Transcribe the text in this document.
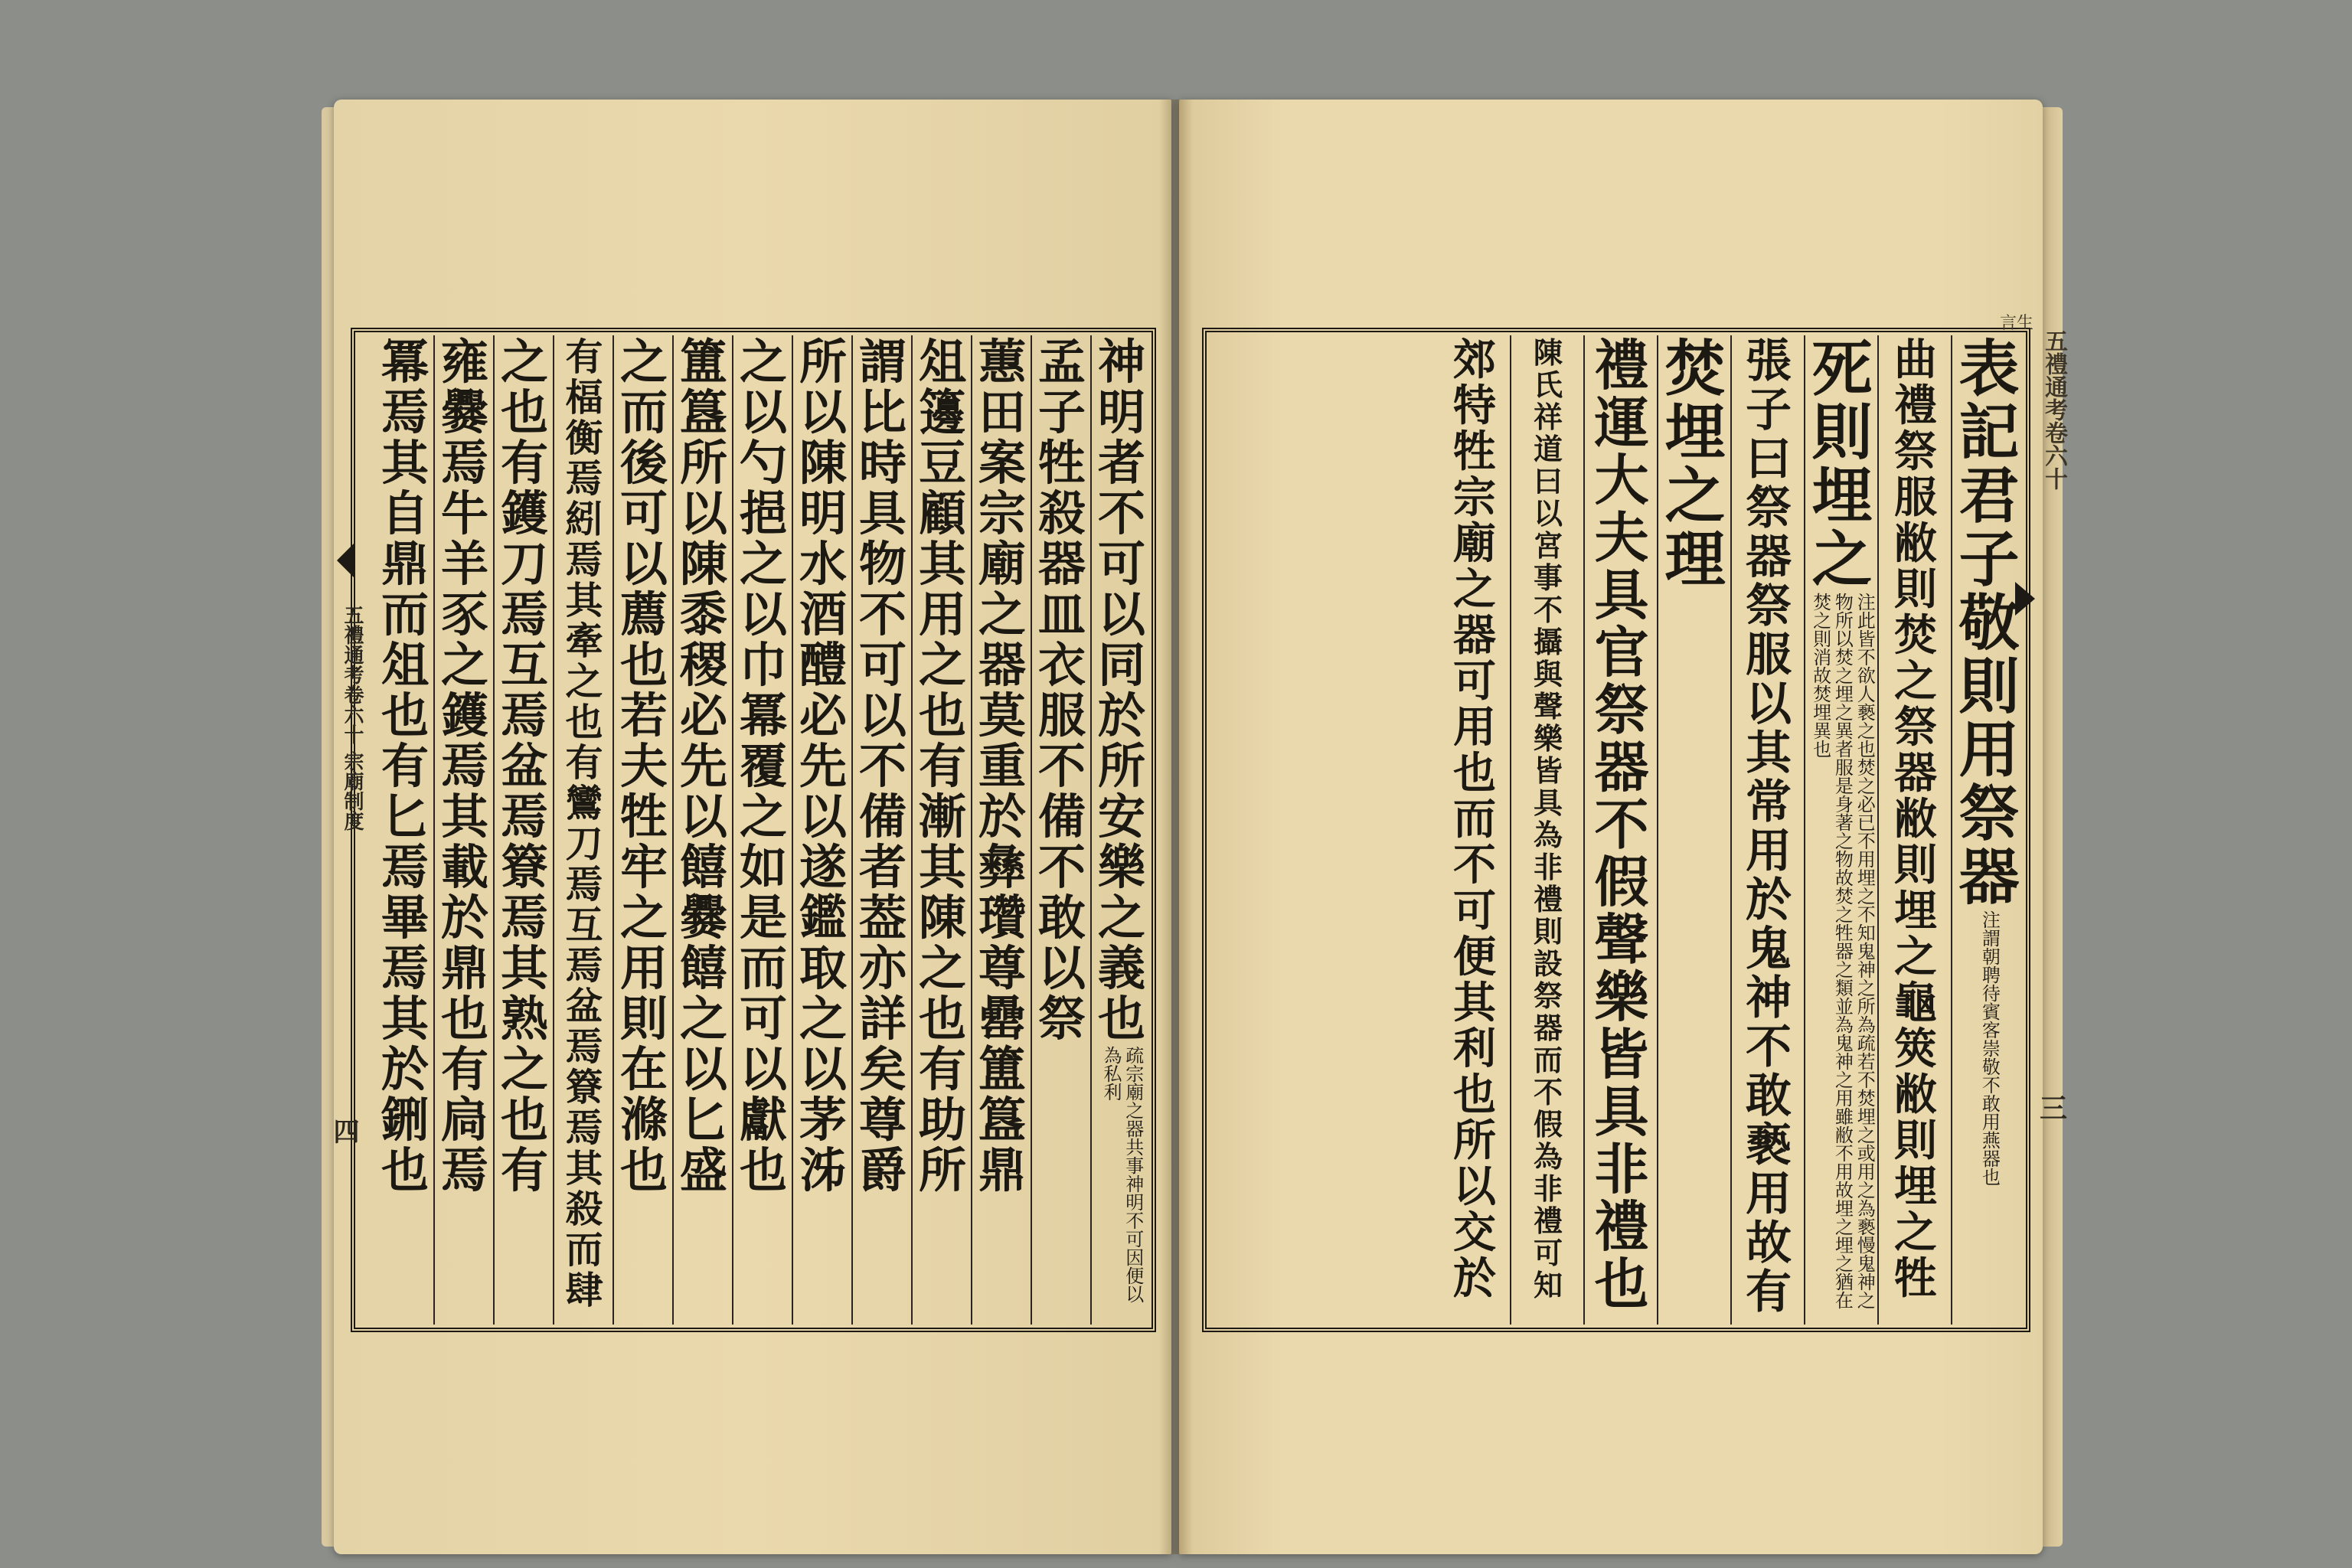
神
明
者
不
可
以
同
於
所
安
樂
之
義
也
疏宗廟之器共事神明不可因便以為私利
孟
子
牲
殺
器
皿
衣
服
不
備
不
敢
以
祭
蕙
田
案
宗
廟
之
器
莫
重
於
彝
瓚
尊
罍
簠
簋
鼎
俎
籩
豆
顧
其
用
之
也
有
漸
其
陳
之
也
有
助
所
謂
比
時
具
物
不
可
以
不
備
者
葢
亦
詳
矣
尊
爵
所
以
陳
明
水
酒
醴
必
先
以
遂
鑑
取
之
以
茅
泲
之
以
勺
挹
之
以
巾
冪
覆
之
如
是
而
可
以
獻
也
簠
簋
所
以
陳
黍
稷
必
先
以
饎
爨
饎
之
以
匕
盛
之
而
後
可
以
薦
也
若
夫
牲
牢
之
用
則
在
滌
也
有
楅
衡
焉
紖
焉
其
牽
之
也
有
鸞
刀
焉
互
焉
盆
焉
簝
焉
其
殺
而
肆
之
也
有
鑊
刀
焉
互
焉
盆
焉
簝
焉
其
熟
之
也
有
雍
爨
焉
牛
羊
豕
之
鑊
焉
其
載
於
鼎
也
有
扃
焉
冪
焉
其
自
鼎
而
俎
也
有
匕
焉
畢
焉
其
於
鉶
也
五禮通考卷六十 宗廟制度
四
表
記
君
子
敬
則
用
祭
器
注謂朝聘待賓客崇敬不敢用燕器也
曲
禮
祭
服
敝
則
焚
之
祭
器
敝
則
埋
之
龜
筴
敝
則
埋
之
牲
死
則
埋
之
注此皆不欲人褻之也焚之必已不用埋之不知鬼神之所為疏若不焚埋之或用之為褻慢鬼神之物所以焚之埋之異者服是身著之物故焚之牲器之類並為鬼神之用雖敝不用故埋之埋之猶在焚之則消故焚埋異也
張
子
曰
祭
器
祭
服
以
其
常
用
於
鬼
神
不
敢
褻
用
故
有
焚
埋
之
理
禮
運
大
夫
具
官
祭
器
不
假
聲
樂
皆
具
非
禮
也
陳
氏
祥
道
曰
以
宮
事
不
攝
與
聲
樂
皆
具
為
非
禮
則
設
祭
器
而
不
假
為
非
禮
可
知
郊
特
牲
宗
廟
之
器
可
用
也
而
不
可
便
其
利
也
所
以
交
於
言生
五禮通考卷六十
三
